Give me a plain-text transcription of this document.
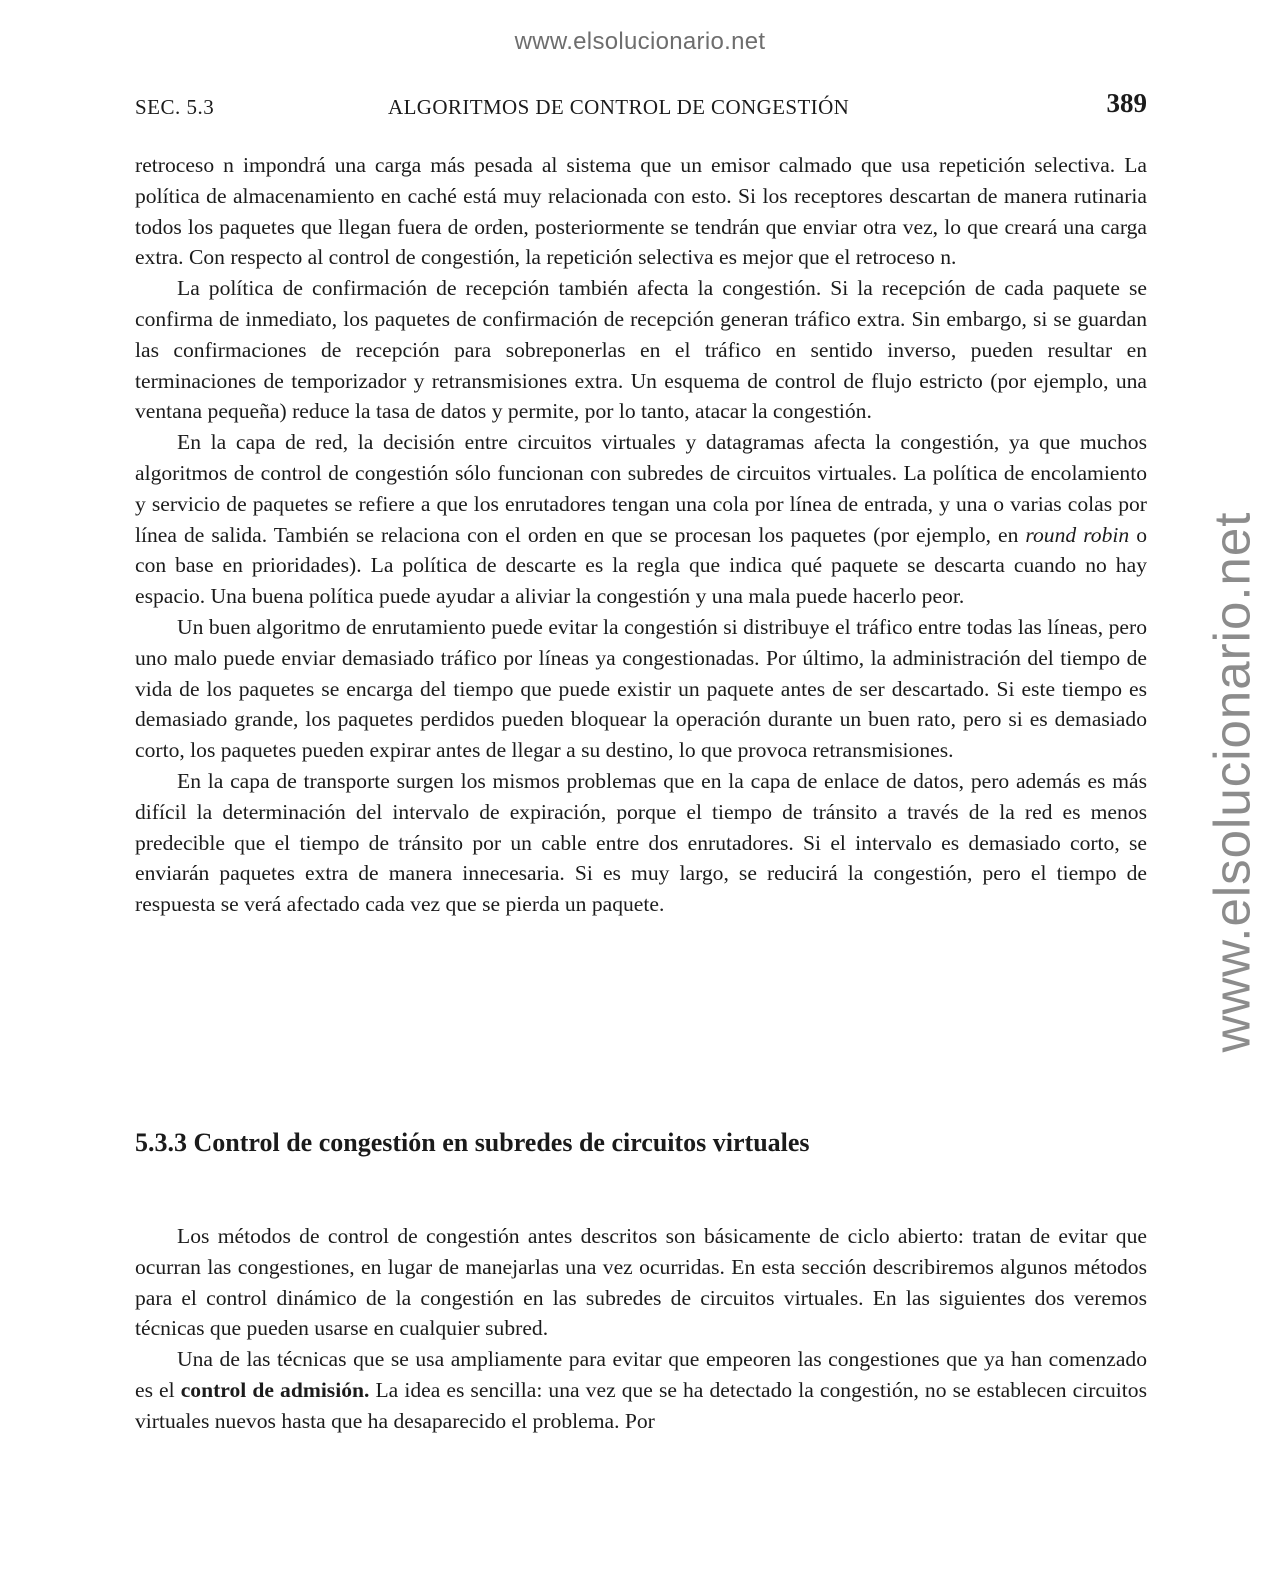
www.elsolucionario.net
www.elsolucionario.net
SEC. 5.3	ALGORITMOS DE CONTROL DE CONGESTIÓN	389

retroceso n impondrá una carga más pesada al sistema que un emisor calmado que usa repetición selectiva. La política de almacenamiento en caché está muy relacionada con esto. Si los receptores descartan de manera rutinaria todos los paquetes que llegan fuera de orden, posteriormente se tendrán que enviar otra vez, lo que creará una carga extra. Con respecto al control de congestión, la repetición selectiva es mejor que el retroceso n.

La política de confirmación de recepción también afecta la congestión. Si la recepción de cada paquete se confirma de inmediato, los paquetes de confirmación de recepción generan tráfico extra. Sin embargo, si se guardan las confirmaciones de recepción para sobreponerlas en el tráfico en sentido inverso, pueden resultar en terminaciones de temporizador y retransmisiones extra. Un esquema de control de flujo estricto (por ejemplo, una ventana pequeña) reduce la tasa de datos y permite, por lo tanto, atacar la congestión.

En la capa de red, la decisión entre circuitos virtuales y datagramas afecta la congestión, ya que muchos algoritmos de control de congestión sólo funcionan con subredes de circuitos virtuales. La política de encolamiento y servicio de paquetes se refiere a que los enrutadores tengan una cola por línea de entrada, y una o varias colas por línea de salida. También se relaciona con el orden en que se procesan los paquetes (por ejemplo, en round robin o con base en prioridades). La política de descarte es la regla que indica qué paquete se descarta cuando no hay espacio. Una buena política puede ayudar a aliviar la congestión y una mala puede hacerlo peor.

Un buen algoritmo de enrutamiento puede evitar la congestión si distribuye el tráfico entre todas las líneas, pero uno malo puede enviar demasiado tráfico por líneas ya congestionadas. Por último, la administración del tiempo de vida de los paquetes se encarga del tiempo que puede existir un paquete antes de ser descartado. Si este tiempo es demasiado grande, los paquetes perdidos pueden bloquear la operación durante un buen rato, pero si es demasiado corto, los paquetes pueden expirar antes de llegar a su destino, lo que provoca retransmisiones.

En la capa de transporte surgen los mismos problemas que en la capa de enlace de datos, pero además es más difícil la determinación del intervalo de expiración, porque el tiempo de tránsito a través de la red es menos predecible que el tiempo de tránsito por un cable entre dos enrutadores. Si el intervalo es demasiado corto, se enviarán paquetes extra de manera innecesaria. Si es muy largo, se reducirá la congestión, pero el tiempo de respuesta se verá afectado cada vez que se pierda un paquete.

5.3.3 Control de congestión en subredes de circuitos virtuales

Los métodos de control de congestión antes descritos son básicamente de ciclo abierto: tratan de evitar que ocurran las congestiones, en lugar de manejarlas una vez ocurridas. En esta sección describiremos algunos métodos para el control dinámico de la congestión en las subredes de circuitos virtuales. En las siguientes dos veremos técnicas que pueden usarse en cualquier subred.

Una de las técnicas que se usa ampliamente para evitar que empeoren las congestiones que ya han comenzado es el control de admisión. La idea es sencilla: una vez que se ha detectado la congestión, no se establecen circuitos virtuales nuevos hasta que ha desaparecido el problema. Por
